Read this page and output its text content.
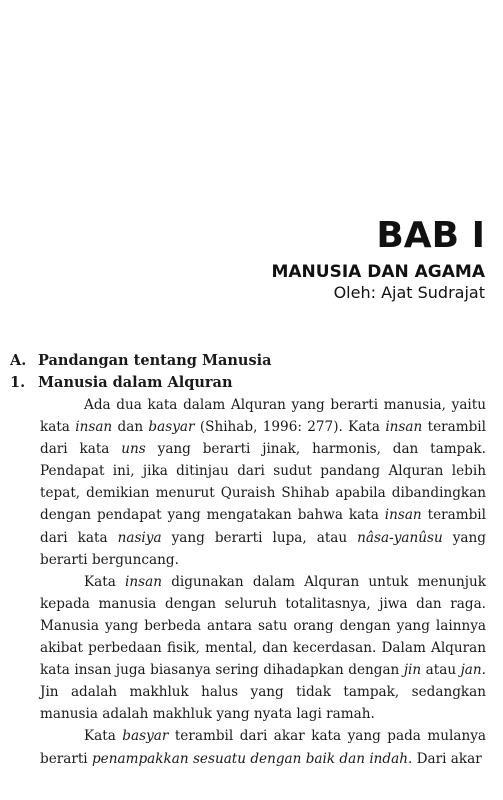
BAB I
MANUSIA DAN AGAMA
Oleh: Ajat Sudrajat
A. Pandangan tentang Manusia
1. Manusia dalam Alquran

Ada dua kata dalam Alquran yang berarti manusia, yaitu kata insan dan basyar (Shihab, 1996: 277). Kata insan terambil dari kata uns yang berarti jinak, harmonis, dan tampak. Pendapat ini, jika ditinjau dari sudut pandang Alquran lebih tepat, demikian menurut Quraish Shihab apabila dibandingkan dengan pendapat yang mengatakan bahwa kata insan terambil dari kata nasiya yang berarti lupa, atau nâsa-yanûsu yang berarti berguncang.

Kata insan digunakan dalam Alquran untuk menunjuk kepada manusia dengan seluruh totalitasnya, jiwa dan raga. Manusia yang berbeda antara satu orang dengan yang lainnya akibat perbedaan fisik, mental, dan kecerdasan. Dalam Alquran kata insan juga biasanya sering dihadapkan dengan jin atau jan. Jin adalah makhluk halus yang tidak tampak, sedangkan manusia adalah makhluk yang nyata lagi ramah.

Kata basyar terambil dari akar kata yang pada mulanya berarti penampakkan sesuatu dengan baik dan indah. Dari akar
